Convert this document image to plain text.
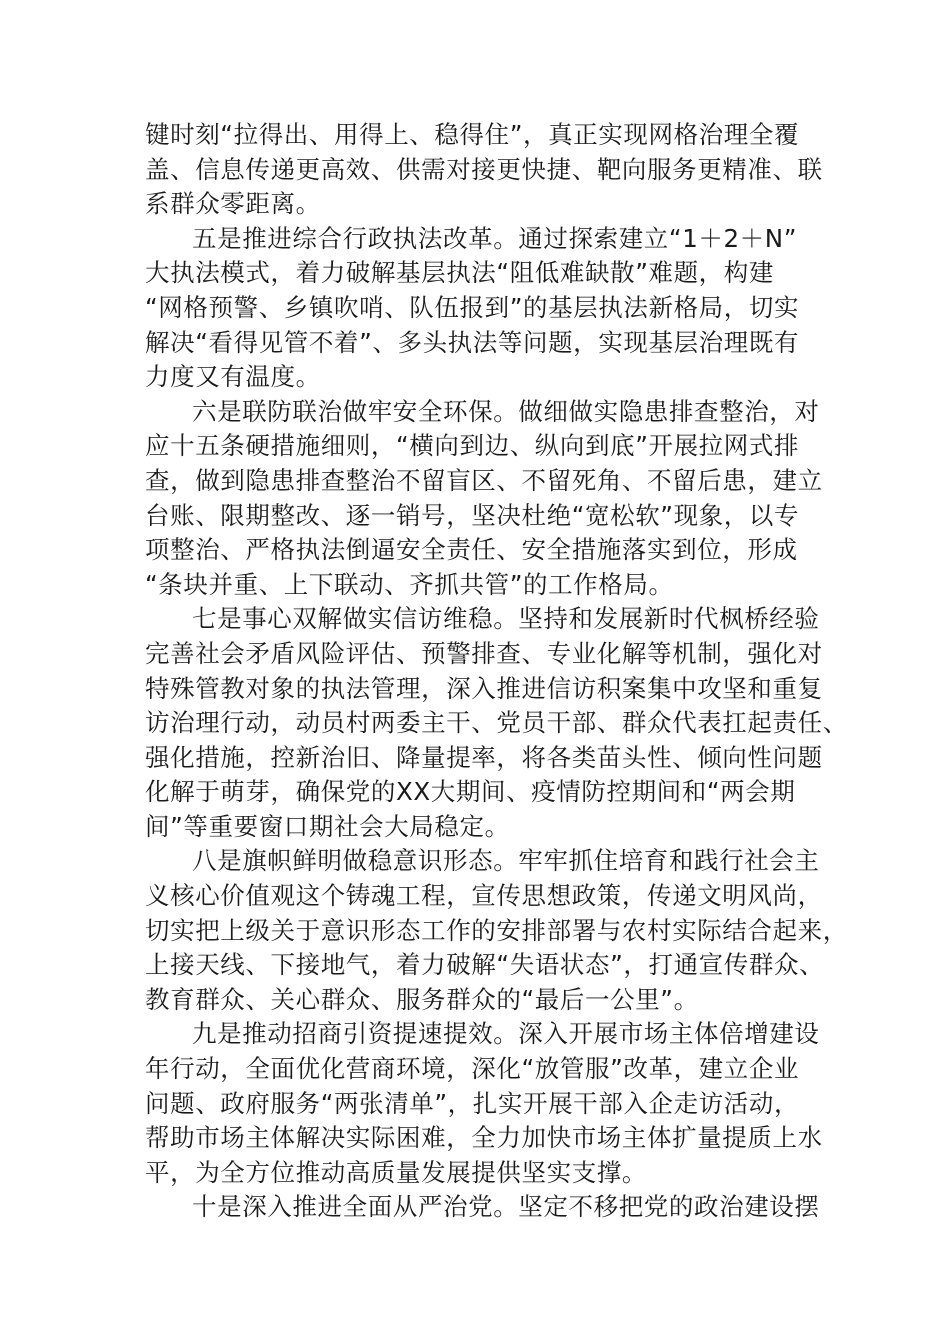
键时刻“拉得出、用得上、稳得住”，真正实现网格治理全覆
盖、信息传递更高效、供需对接更快捷、靶向服务更精准、联
系群众零距离。
五是推进综合行政执法改革。通过探索建立“1＋2＋N”
大执法模式，着力破解基层执法“阻低难缺散”难题，构建
“网格预警、乡镇吹哨、队伍报到”的基层执法新格局，切实
解决“看得见管不着”、多头执法等问题，实现基层治理既有
力度又有温度。
六是联防联治做牢安全环保。做细做实隐患排查整治，对
应十五条硬措施细则，“横向到边、纵向到底”开展拉网式排
查，做到隐患排查整治不留盲区、不留死角、不留后患，建立
台账、限期整改、逐一销号，坚决杜绝“宽松软”现象，以专
项整治、严格执法倒逼安全责任、安全措施落实到位，形成
“条块并重、上下联动、齐抓共管”的工作格局。
七是事心双解做实信访维稳。坚持和发展新时代枫桥经验
完善社会矛盾风险评估、预警排查、专业化解等机制，强化对
特殊管教对象的执法管理，深入推进信访积案集中攻坚和重复
访治理行动，动员村两委主干、党员干部、群众代表扛起责任、
强化措施，控新治旧、降量提率，将各类苗头性、倾向性问题
化解于萌芽，确保党的XX大期间、疫情防控期间和“两会期
间”等重要窗口期社会大局稳定。
八是旗帜鲜明做稳意识形态。牢牢抓住培育和践行社会主
义核心价值观这个铸魂工程，宣传思想政策，传递文明风尚，
切实把上级关于意识形态工作的安排部署与农村实际结合起来，
上接天线、下接地气，着力破解“失语状态”，打通宣传群众、
教育群众、关心群众、服务群众的“最后一公里”。
九是推动招商引资提速提效。深入开展市场主体倍增建设
年行动，全面优化营商环境，深化“放管服”改革，建立企业
问题、政府服务“两张清单”，扎实开展干部入企走访活动，
帮助市场主体解决实际困难，全力加快市场主体扩量提质上水
平，为全方位推动高质量发展提供坚实支撑。
十是深入推进全面从严治党。坚定不移把党的政治建设摆
